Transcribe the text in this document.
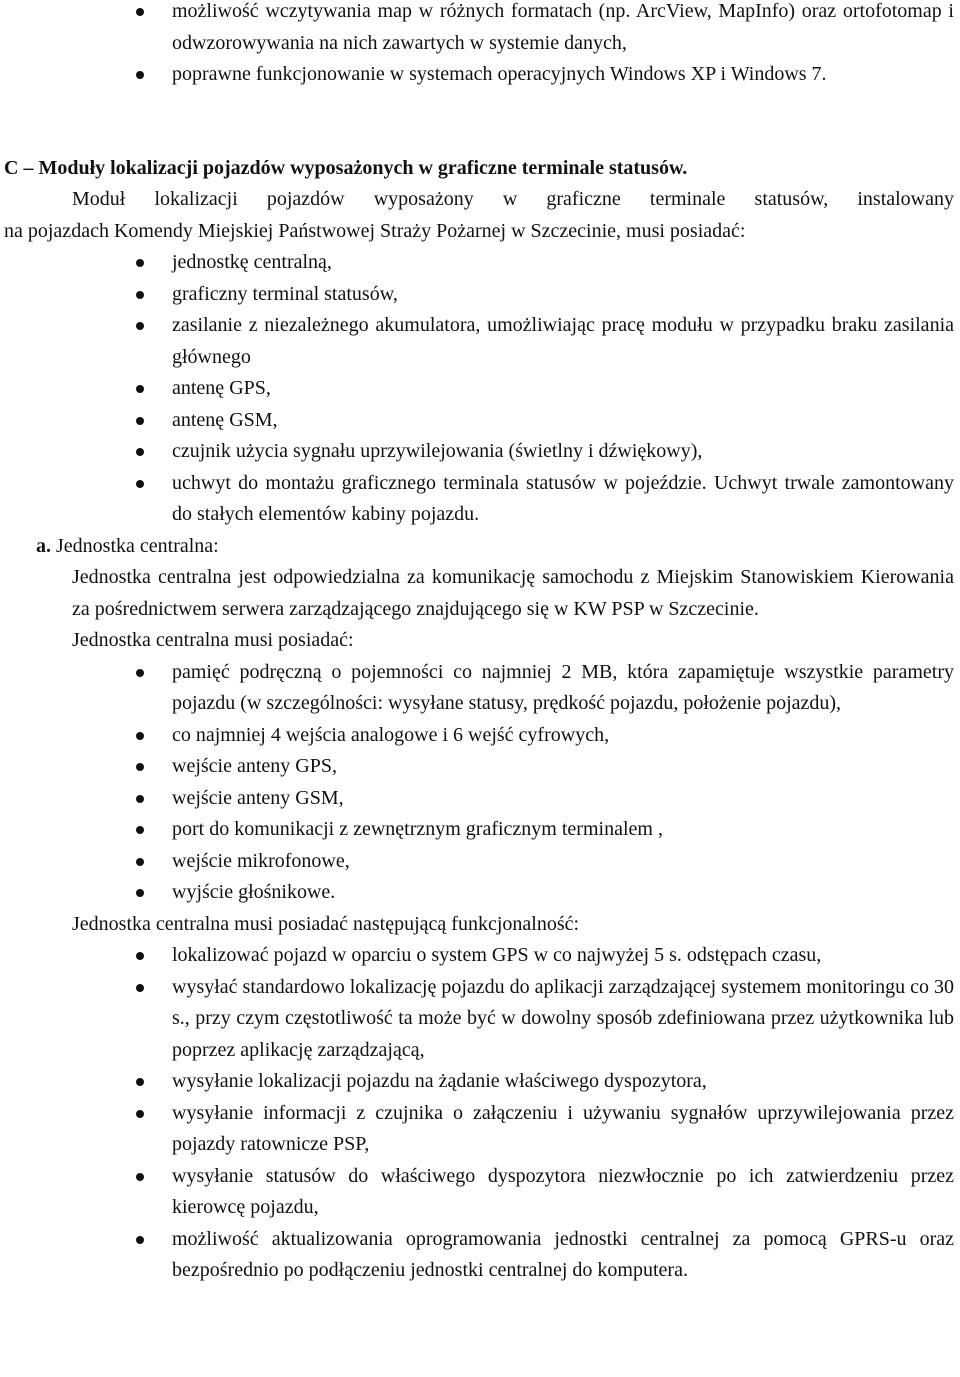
możliwość wczytywania map w różnych formatach (np. ArcView, MapInfo) oraz ortofotomap i odwzorowywania na nich zawartych w systemie danych,
poprawne funkcjonowanie w systemach operacyjnych Windows XP i Windows 7.
C – Moduły lokalizacji pojazdów wyposażonych w graficzne terminale statusów.
Moduł lokalizacji pojazdów wyposażony w graficzne terminale statusów, instalowany
na pojazdach Komendy Miejskiej Państwowej Straży Pożarnej w Szczecinie, musi posiadać:
jednostkę centralną,
graficzny terminal statusów,
zasilanie z niezależnego akumulatora, umożliwiając pracę modułu w przypadku braku zasilania głównego
antenę GPS,
antenę GSM,
czujnik użycia sygnału uprzywilejowania (świetlny i dźwiękowy),
uchwyt do montażu graficznego terminala statusów w pojeździe. Uchwyt trwale zamontowany do stałych elementów kabiny pojazdu.
a. Jednostka centralna:
Jednostka centralna jest odpowiedzialna za komunikację samochodu z Miejskim Stanowiskiem Kierowania za pośrednictwem serwera zarządzającego znajdującego się w KW PSP w Szczecinie.
Jednostka centralna musi posiadać:
pamięć podręczną o pojemności co najmniej 2 MB, która zapamiętuje wszystkie parametry pojazdu (w szczególności: wysyłane statusy, prędkość pojazdu, położenie pojazdu),
co najmniej 4 wejścia analogowe i 6 wejść cyfrowych,
wejście anteny GPS,
wejście anteny GSM,
port do komunikacji z zewnętrznym graficznym terminalem ,
wejście mikrofonowe,
wyjście głośnikowe.
Jednostka centralna musi posiadać następującą funkcjonalność:
lokalizować pojazd w oparciu o system GPS w co najwyżej 5 s. odstępach czasu,
wysyłać standardowo lokalizację pojazdu do aplikacji zarządzającej systemem monitoringu co 30 s., przy czym częstotliwość ta może być w dowolny sposób zdefiniowana przez użytkownika lub poprzez aplikację zarządzającą,
wysyłanie lokalizacji pojazdu na żądanie właściwego dyspozytora,
wysyłanie informacji z czujnika o załączeniu i używaniu sygnałów uprzywilejowania przez pojazdy ratownicze PSP,
wysyłanie statusów do właściwego dyspozytora niezwłocznie po ich zatwierdzeniu przez kierowcę pojazdu,
możliwość aktualizowania oprogramowania jednostki centralnej za pomocą GPRS-u oraz bezpośrednio po podłączeniu jednostki centralnej do komputera.
